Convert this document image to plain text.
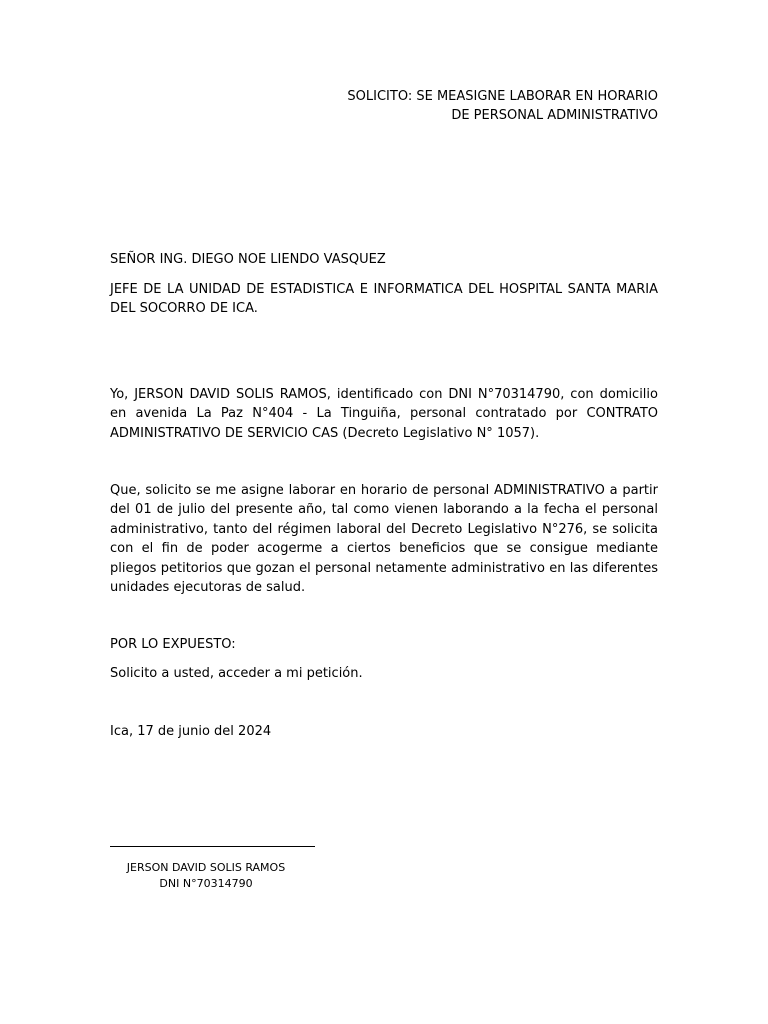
SOLICITO: SE MEASIGNE LABORAR EN HORARIO
DE PERSONAL ADMINISTRATIVO
SEÑOR ING. DIEGO NOE LIENDO VASQUEZ
JEFE DE LA UNIDAD DE ESTADISTICA E INFORMATICA DEL HOSPITAL SANTA MARIA DEL SOCORRO DE ICA.
Yo, JERSON DAVID SOLIS RAMOS, identificado con DNI N°70314790, con domicilio en avenida La Paz N°404 - La Tinguiña, personal contratado por CONTRATO ADMINISTRATIVO DE SERVICIO CAS (Decreto Legislativo N° 1057).
Que, solicito se me asigne laborar en horario de personal ADMINISTRATIVO a partir del 01 de julio del presente año, tal como vienen laborando a la fecha el personal administrativo, tanto del régimen laboral del Decreto Legislativo N°276, se solicita con el fin de poder acogerme a ciertos beneficios que se consigue mediante pliegos petitorios que gozan el personal netamente administrativo en las diferentes unidades ejecutoras de salud.
POR LO EXPUESTO:
Solicito a usted, acceder a mi petición.
Ica, 17 de junio del 2024
JERSON DAVID SOLIS RAMOS
DNI N°70314790
